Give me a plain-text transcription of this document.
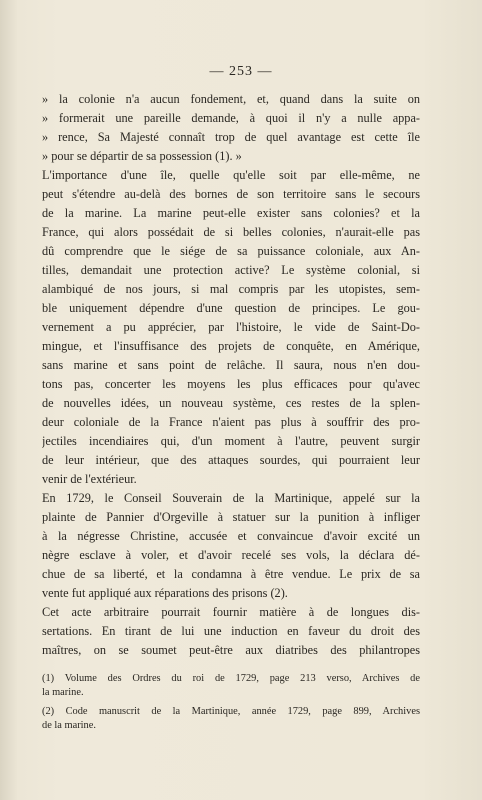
— 253 —
» la colonie n'a aucun fondement, et, quand dans la suite on
» formerait une pareille demande, à quoi il n'y a nulle appa-
» rence, Sa Majesté connaît trop de quel avantage est cette île
» pour se départir de sa possession (1). »
L'importance d'une île, quelle qu'elle soit par elle-même, ne
peut s'étendre au-delà des bornes de son territoire sans le secours
de la marine. La marine peut-elle exister sans colonies? et la
France, qui alors possédait de si belles colonies, n'aurait-elle pas
dû comprendre que le siége de sa puissance coloniale, aux An-
tilles, demandait une protection active? Le système colonial, si
alambiqué de nos jours, si mal compris par les utopistes, sem-
ble uniquement dépendre d'une question de principes. Le gou-
vernement a pu apprécier, par l'histoire, le vide de Saint-Do-
mingue, et l'insuffisance des projets de conquête, en Amérique,
sans marine et sans point de relâche. Il saura, nous n'en dou-
tons pas, concerter les moyens les plus efficaces pour qu'avec
de nouvelles idées, un nouveau système, ces restes de la splen-
deur coloniale de la France n'aient pas plus à souffrir des pro-
jectiles incendiaires qui, d'un moment à l'autre, peuvent surgir
de leur intérieur, que des attaques sourdes, qui pourraient leur
venir de l'extérieur.
En 1729, le Conseil Souverain de la Martinique, appelé sur la
plainte de Pannier d'Orgeville à statuer sur la punition à infliger
à la négresse Christine, accusée et convaincue d'avoir excité un
nègre esclave à voler, et d'avoir recelé ses vols, la déclara dé-
chue de sa liberté, et la condamna à être vendue. Le prix de sa
vente fut appliqué aux réparations des prisons (2).
Cet acte arbitraire pourrait fournir matière à de longues dis-
sertations. En tirant de lui une induction en faveur du droit des
maîtres, on se soumet peut-être aux diatribes des philantropes
(1) Volume des Ordres du roi de 1729, page 213 verso, Archives de
la marine.
(2) Code manuscrit de la Martinique, année 1729, page 899, Archives
de la marine.
